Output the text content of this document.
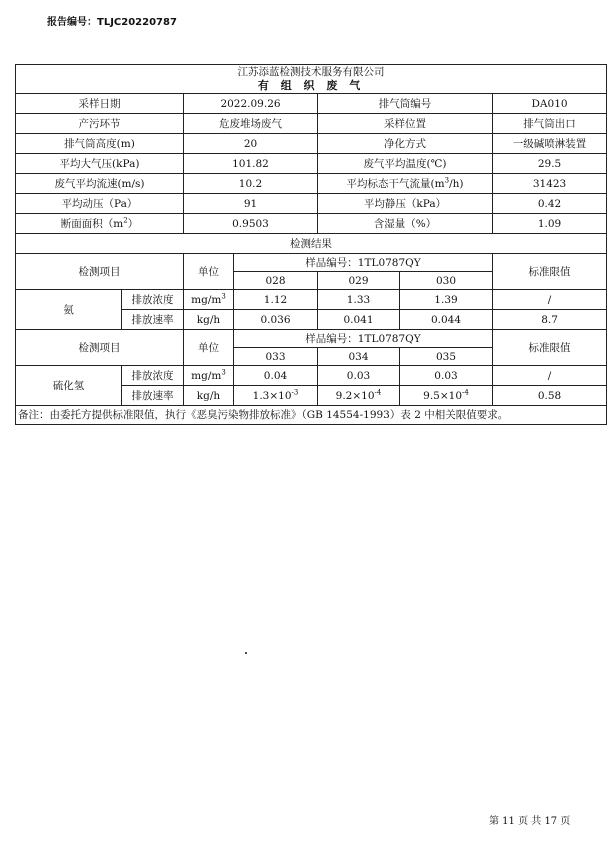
报告编号：TLJC20220787
江苏添蓝检测技术服务有限公司
有 组 织 废 气						

采样日期		2022.09.26		排气筒编号		DA010
产污环节		危废堆场废气		采样位置		排气筒出口
排气筒高度(m)		20		净化方式		一级碱喷淋装置
平均大气压(kPa)		101.82		废气平均温度(℃)		29.5
废气平均流速(m/s)		10.2		平均标态干气流量$(m^3/h)$		31423
平均动压（Pa）		91		平均静压（kPa）		0.42
断面面积$(m^2)$		0.9503		含湿量（%）		1.09
检测结果						
检测项目		单位	样品编号：1TL0787QY			标准限值
			028	029	030	
氨	排放浓度	$mg/m^3$	1.12	1.33	1.39	/
	排放速率	kg/h	0.036	0.041	0.044	8.7
检测项目		单位	样品编号：1TL0787QY			标准限值
			033	034	035	
硫化氢	排放浓度	$mg/m^3$	0.04	0.03	0.03	/
	排放速率	kg/h	$1.3\times 10^{-3}$	$9.2\times 10^{-4}$	$9.5\times 10^{-4}$	0.58
备注：由委托方提供标准限值，执行《恶臭污染物排放标准》（GB 14554-1993）表 2 中相关限值要求。						
第 11 页 共 17 页
